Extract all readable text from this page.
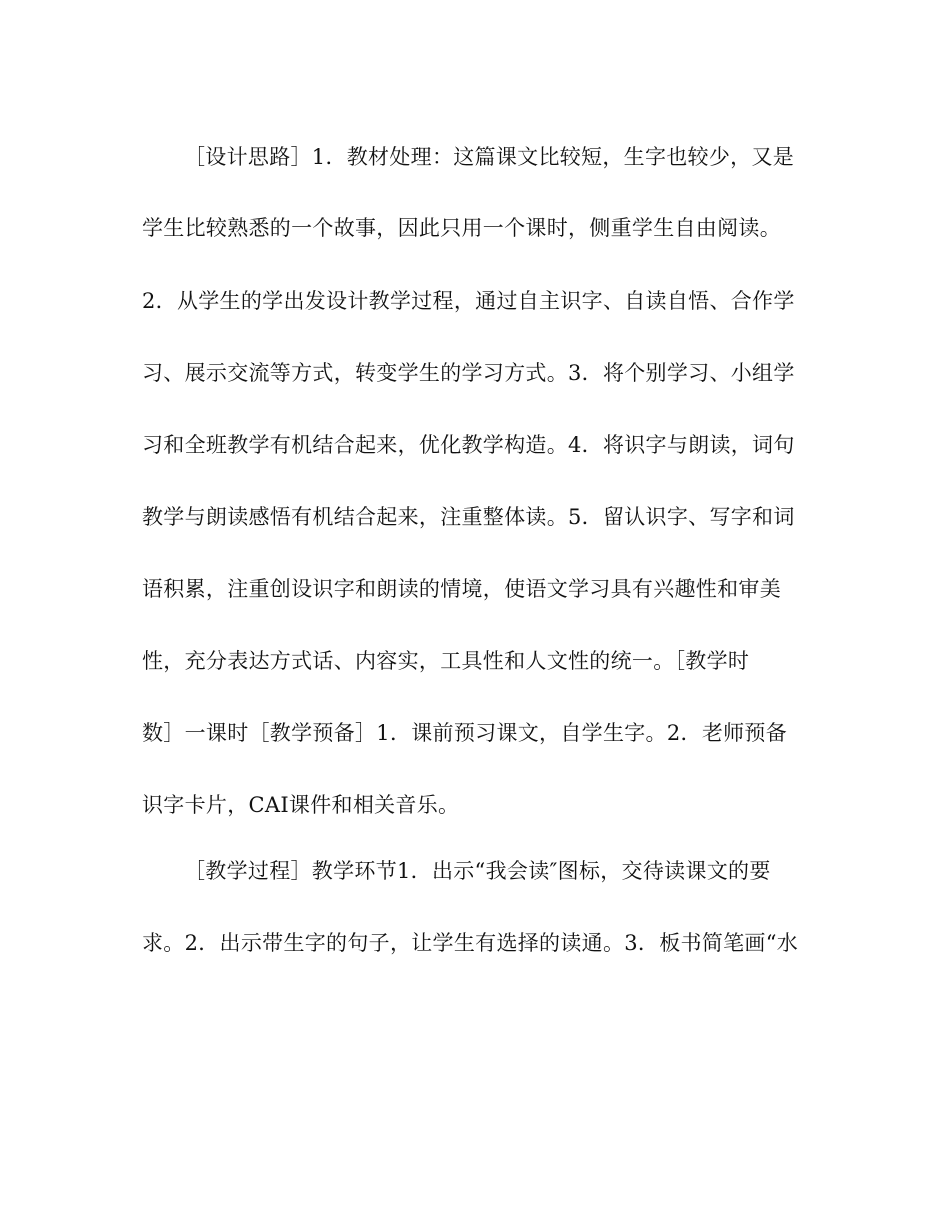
［设计思路］1．教材处理：这篇课文比较短，生字也较少，又是
学生比较熟悉的一个故事，因此只用一个课时，侧重学生自由阅读。
2．从学生的学出发设计教学过程，通过自主识字、自读自悟、合作学
习、展示交流等方式，转变学生的学习方式。3．将个别学习、小组学
习和全班教学有机结合起来，优化教学构造。4．将识字与朗读，词句
教学与朗读感悟有机结合起来，注重整体读。5．留认识字、写字和词
语积累，注重创设识字和朗读的情境，使语文学习具有兴趣性和审美
性，充分表达方式话、内容实，工具性和人文性的统一。［教学时
数］一课时［教学预备］1．课前预习课文，自学生字。2．老师预备
识字卡片，CAI课件和相关音乐。
［教学过程］教学环节1．出示“我会读″图标，交待读课文的要
求。2．出示带生字的句子，让学生有选择的读通。3．板书简笔画“水
